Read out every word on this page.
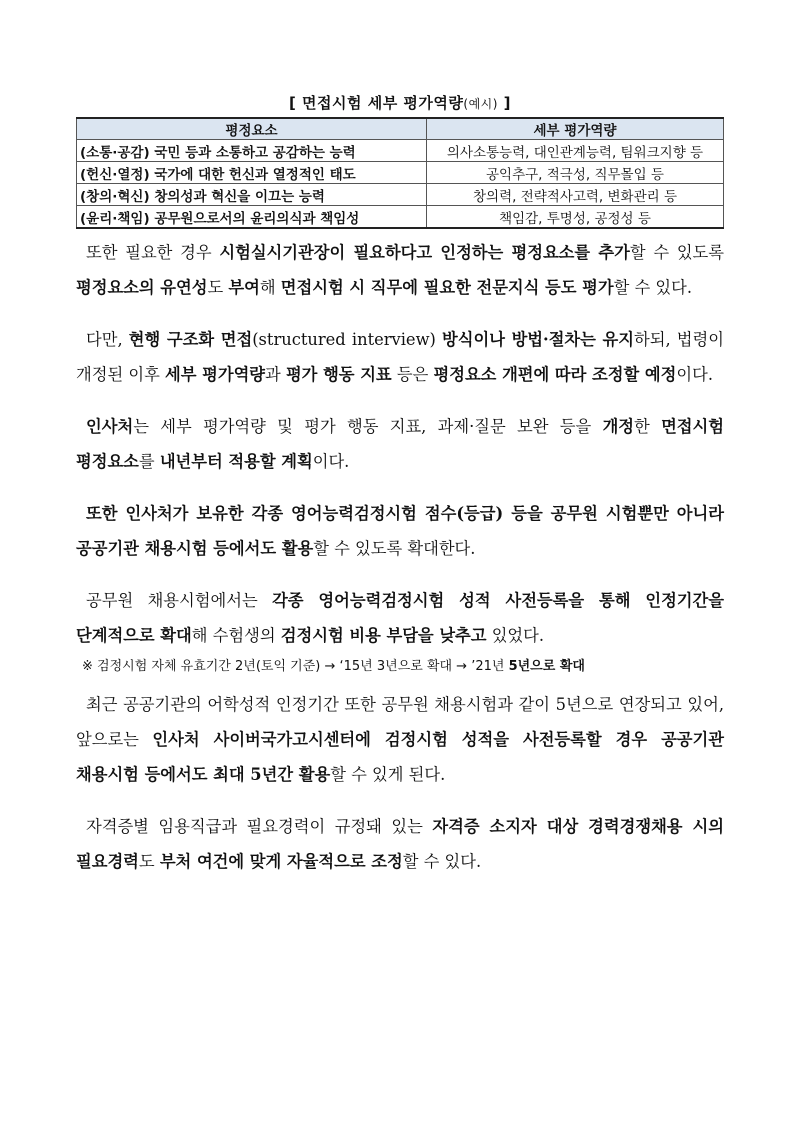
[ 면접시험 세부 평가역량(예시) ]
평정요소	세부 평가역량
(소통·공감) 국민 등과 소통하고 공감하는 능력	의사소통능력, 대인관계능력, 팀워크지향 등
(헌신·열정) 국가에 대한 헌신과 열정적인 태도	공익추구, 적극성, 직무몰입 등
(창의·혁신) 창의성과 혁신을 이끄는 능력	창의력, 전략적사고력, 변화관리 등
(윤리·책임) 공무원으로서의 윤리의식과 책임성	책임감, 투명성, 공정성 등

또한 필요한 경우 시험실시기관장이 필요하다고 인정하는 평정요소를 추가할 수 있도록 평정요소의 유연성도 부여해 면접시험 시 직무에 필요한 전문지식 등도 평가할 수 있다.

다만, 현행 구조화 면접(structured interview) 방식이나 방법·절차는 유지하되, 법령이 개정된 이후 세부 평가역량과 평가 행동 지표 등은 평정요소 개편에 따라 조정할 예정이다.

인사처는 세부 평가역량 및 평가 행동 지표, 과제·질문 보완 등을 개정한 면접시험 평정요소를 내년부터 적용할 계획이다.

또한 인사처가 보유한 각종 영어능력검정시험 점수(등급) 등을 공무원 시험뿐만 아니라 공공기관 채용시험 등에서도 활용할 수 있도록 확대한다.

공무원 채용시험에서는 각종 영어능력검정시험 성적 사전등록을 통해 인정기간을 단계적으로 확대해 수험생의 검정시험 비용 부담을 낮추고 있었다.

※ 검정시험 자체 유효기간 2년(토익 기준) → ‘15년 3년으로 확대 → ’21년 5년으로 확대

최근 공공기관의 어학성적 인정기간 또한 공무원 채용시험과 같이 5년으로 연장되고 있어, 앞으로는 인사처 사이버국가고시센터에 검정시험 성적을 사전등록할 경우 공공기관 채용시험 등에서도 최대 5년간 활용할 수 있게 된다.

자격증별 임용직급과 필요경력이 규정돼 있는 자격증 소지자 대상 경력경쟁채용 시의 필요경력도 부처 여건에 맞게 자율적으로 조정할 수 있다.
